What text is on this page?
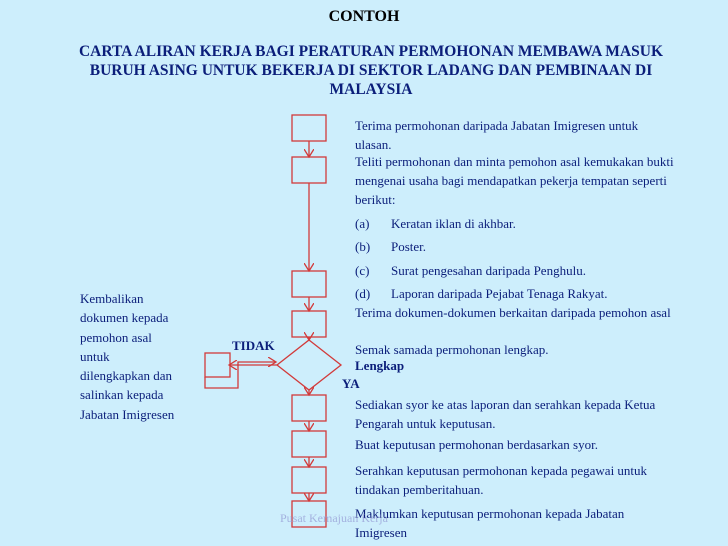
CONTOH
CARTA ALIRAN KERJA BAGI PERATURAN PERMOHONAN MEMBAWA MASUK BURUH ASING UNTUK BEKERJA DI SEKTOR LADANG DAN PEMBINAAN DI MALAYSIA
Terima permohonan daripada Jabatan Imigresen untuk ulasan.
Teliti permohonan dan minta pemohon asal kemukakan bukti mengenai usaha bagi mendapatkan pekerja tempatan seperti berikut:
(a) Keratan iklan di akhbar.
(b) Poster.
(c) Surat pengesahan daripada Penghulu.
(d) Laporan daripada Pejabat Tenaga Rakyat.
Terima dokumen-dokumen berkaitan daripada pemohon asal
Semak samada permohonan lengkap.
Lengkap
YA
TIDAK
Sediakan syor ke atas laporan dan serahkan kepada Ketua Pengarah untuk keputusan.
Buat keputusan permohonan berdasarkan syor.
Serahkan keputusan permohonan kepada pegawai untuk tindakan pemberitahuan.
Maklumkan keputusan permohonan kepada Jabatan Imigresen
Kembalikan dokumen kepada pemohon asal untuk dilengkapkan dan salinkan kepada Jabatan Imigresen
Pusat Kemajuan Kerja
